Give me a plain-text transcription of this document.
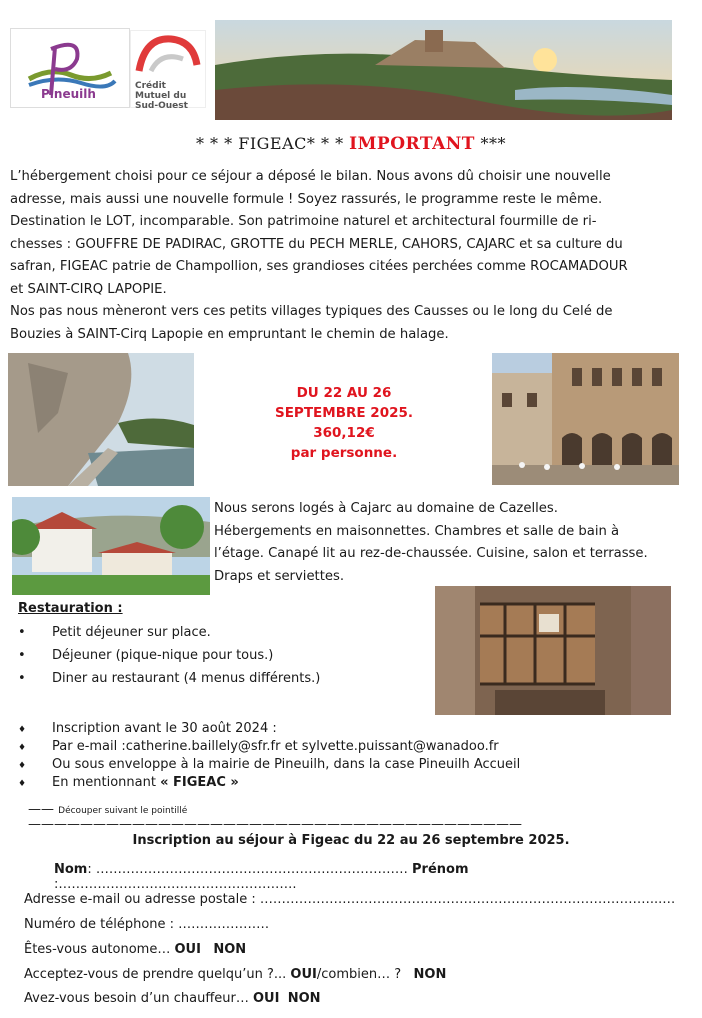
Pineuilh
Crédit Mutuel du Sud-Ouest
* * * FIGEAC* * * IMPORTANT ***
L’hébergement choisi pour ce séjour a déposé le bilan. Nous avons dû choisir une nouvelle
adresse, mais aussi une nouvelle formule ! Soyez rassurés, le programme reste le même.
Destination le LOT, incomparable. Son patrimoine naturel et architectural fourmille de ri-
chesses : GOUFFRE DE PADIRAC, GROTTE du PECH MERLE, CAHORS, CAJARC et sa culture du
safran, FIGEAC patrie de Champollion, ses grandioses citées perchées comme ROCAMADOUR
et SAINT-CIRQ LAPOPIE.
Nos pas nous mèneront vers ces petits villages typiques des Causses ou le long du Celé de
Bouzies à SAINT-Cirq Lapopie en empruntant le chemin de halage.
DU 22 AU 26
SEPTEMBRE 2025.
360,12€
par personne.
Nous serons logés à Cajarc au domaine de Cazelles.
Hébergements en maisonnettes. Chambres et salle de bain à
l’étage. Canapé lit au rez-de-chaussée. Cuisine, salon et terrasse.
Draps et serviettes.
Restauration :
• Petit déjeuner sur place.
• Déjeuner (pique-nique pour tous.)
• Diner au restaurant (4 menus différents.)
♦ Inscription avant le 30 août 2024 :
♦ Par e-mail :catherine.baillely@sfr.fr et sylvette.puissant@wanadoo.fr
♦ Ou sous enveloppe à la mairie de Pineuilh, dans la case Pineuilh Accueil
♦ En mentionnant « FIGEAC »
—— Découper suivant le pointillé ——————————————————————————————————————
Inscription au séjour à Figeac du 22 au 26 septembre 2025.
Nom: ……………………………………………………………… Prénom :……………………………………………….
Adresse e-mail ou adresse postale : ………………………………………………………………………………...…
Numéro de téléphone : …………………
Êtes-vous autonome… OUI NON
Acceptez-vous de prendre quelqu’un ?... OUI/combien… ? NON
Avez-vous besoin d’un chauffeur… OUI NON
